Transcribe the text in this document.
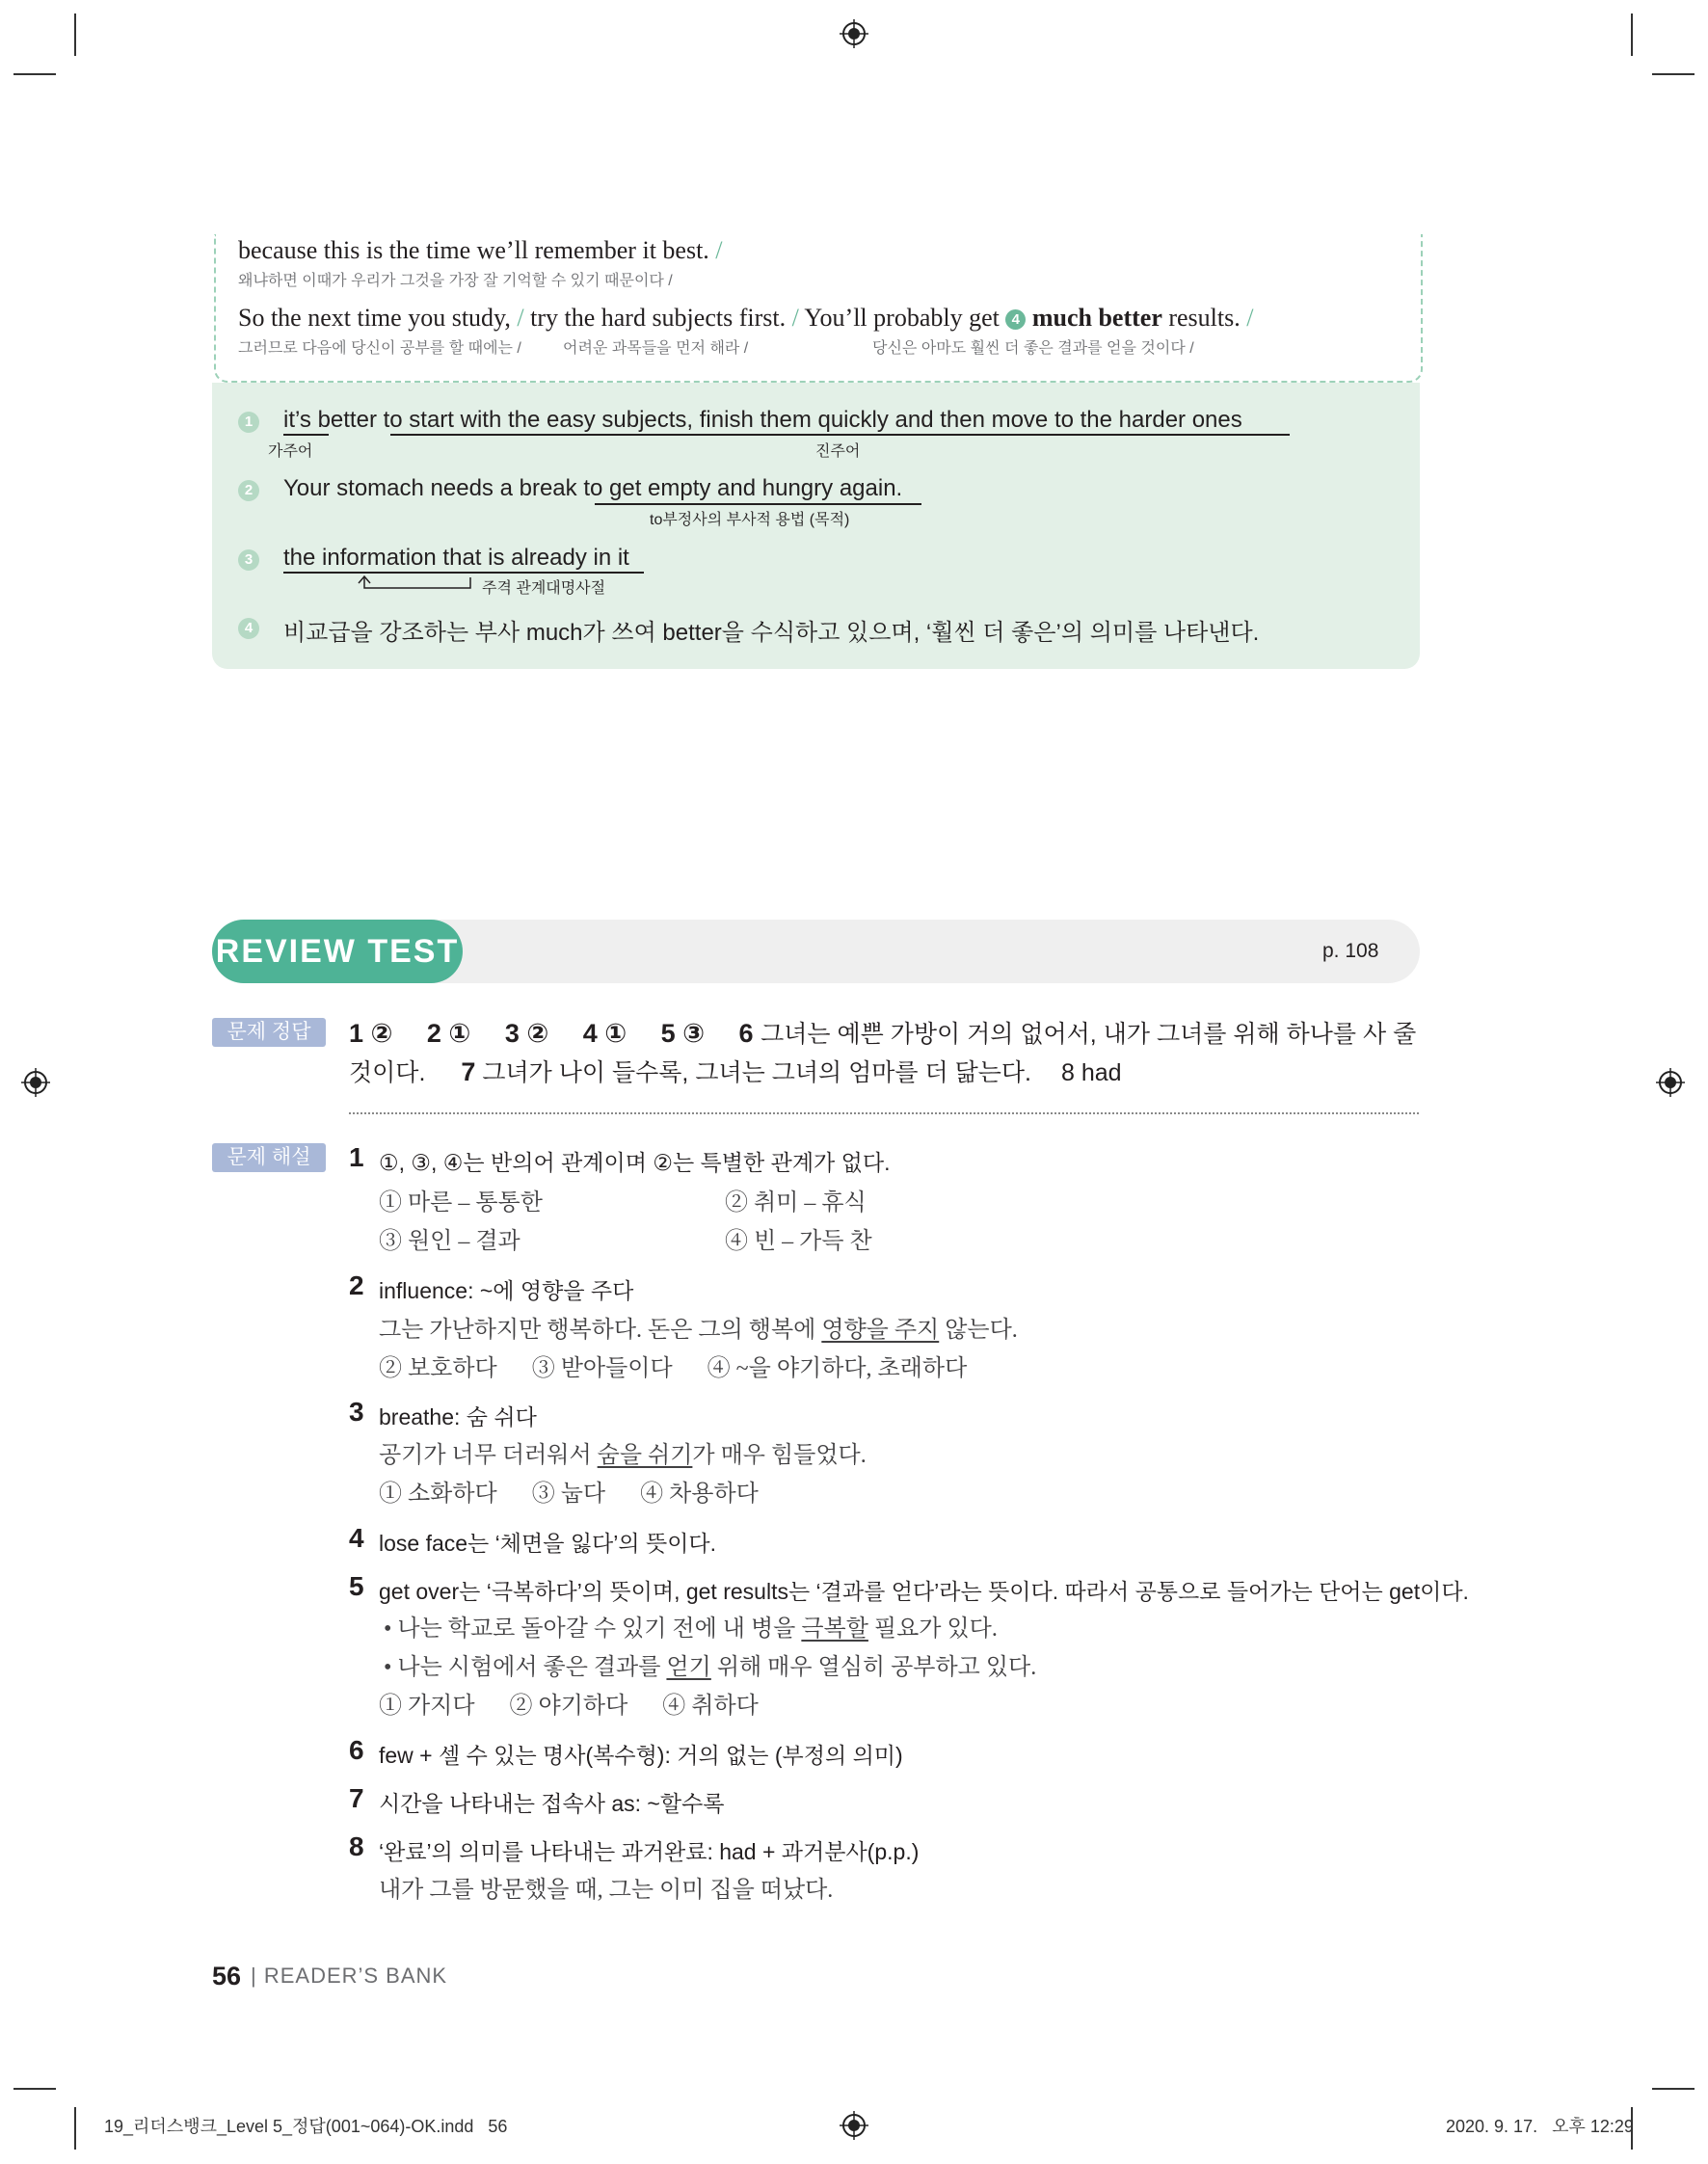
because this is the time we’ll remember it best. /
왜냐하면 이때가 우리가 그것을 가장 잘 기억할 수 있기 때문이다 /
So the next time you study, / try the hard subjects first. / You’ll probably get 4 much better results. /
그러므로 다음에 당신이 공부를 할 때에는 /	어려운 과목들을 먼저 해라 /	당신은 아마도 훨씬 더 좋은 결과를 얻을 것이다 /
1 it’s better to start with the easy subjects, finish them quickly and then move to the harder ones
가주어	진주어
2 Your stomach needs a break to get empty and hungry again.
to부정사의 부사적 용법 (목적)
3 the information that is already in it
주격 관계대명사절
4 비교급을 강조하는 부사 much가 쓰여 better을 수식하고 있으며, ‘훨씬 더 좋은’의 의미를 나타낸다.
REVIEW TEST	p. 108
문제 정답	1 ② 2 ① 3 ② 4 ① 5 ③ 6 그녀는 예쁜 가방이 거의 없어서, 내가 그녀를 위해 하나를 사 줄
것이다. 7 그녀가 나이 들수록, 그녀는 그녀의 엄마를 더 닮는다. 8 had
문제 해설	1 ①, ③, ④는 반의어 관계이며 ②는 특별한 관계가 없다.
① 마른 – 통통한	② 취미 – 휴식
③ 원인 – 결과	④ 빈 – 가득 찬
2 influence: ~에 영향을 주다
그는 가난하지만 행복하다. 돈은 그의 행복에 영향을 주지 않는다.
② 보호하다      ③ 받아들이다      ④ ~을 야기하다, 초래하다
3 breathe: 숨 쉬다
공기가 너무 더러워서 숨을 쉬기가 매우 힘들었다.
① 소화하다      ③ 눕다      ④ 차용하다
4 lose face는 ‘체면을 잃다’의 뜻이다.
5 get over는 ‘극복하다’의 뜻이며, get results는 ‘결과를 얻다’라는 뜻이다. 따라서 공통으로 들어가는 단어는 get이다.
• 나는 학교로 돌아갈 수 있기 전에 내 병을 극복할 필요가 있다.
• 나는 시험에서 좋은 결과를 얻기 위해 매우 열심히 공부하고 있다.
① 가지다      ② 야기하다      ④ 취하다
6 few + 셀 수 있는 명사(복수형): 거의 없는 (부정의 의미)
7 시간을 나타내는 접속사 as: ~할수록
8 ‘완료’의 의미를 나타내는 과거완료: had + 과거분사(p.p.)
내가 그를 방문했을 때, 그는 이미 집을 떠났다.
56 | READER’S BANK
19_리더스뱅크_Level 5_정답(001~064)-OK.indd   56	2020. 9. 17.   오후 12:29
